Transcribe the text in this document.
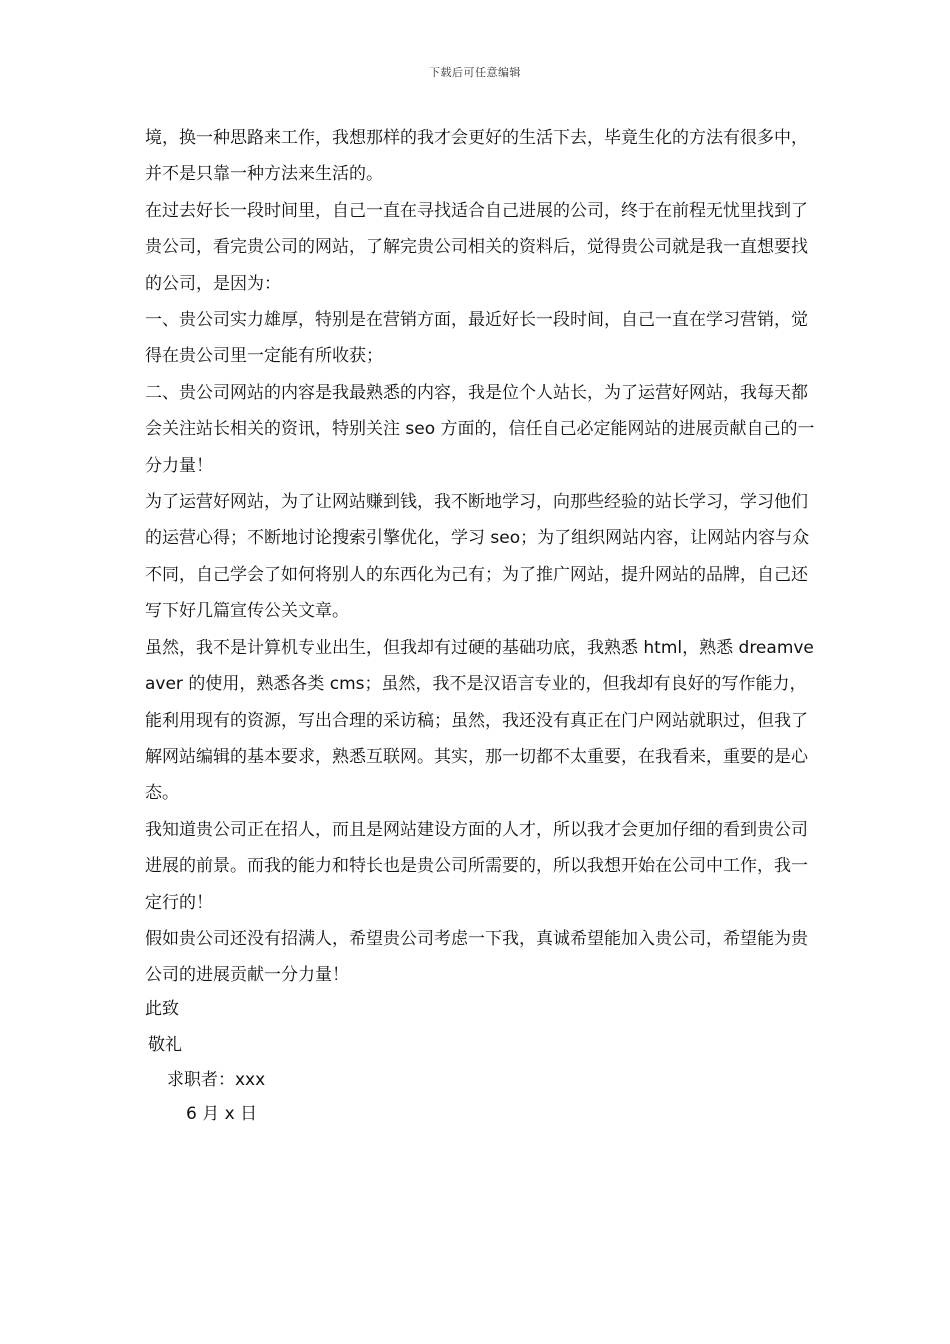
下载后可任意编辑

境，换一种思路来工作，我想那样的我才会更好的生活下去，毕竟生化的方法有很多中，并不是只靠一种方法来生活的。

在过去好长一段时间里，自己一直在寻找适合自己进展的公司，终于在前程无忧里找到了贵公司，看完贵公司的网站，了解完贵公司相关的资料后，觉得贵公司就是我一直想要找的公司，是因为：

一、贵公司实力雄厚，特别是在营销方面，最近好长一段时间，自己一直在学习营销，觉得在贵公司里一定能有所收获；

二、贵公司网站的内容是我最熟悉的内容，我是位个人站长，为了运营好网站，我每天都会关注站长相关的资讯，特别关注 seo 方面的，信任自己必定能网站的进展贡献自己的一分力量！

为了运营好网站，为了让网站赚到钱，我不断地学习，向那些经验的站长学习，学习他们的运营心得；不断地讨论搜索引擎优化，学习 seo；为了组织网站内容，让网站内容与众不同，自己学会了如何将别人的东西化为己有；为了推广网站，提升网站的品牌，自己还写下好几篇宣传公关文章。

虽然，我不是计算机专业出生，但我却有过硬的基础功底，我熟悉 html，熟悉 dreamveaver 的使用，熟悉各类 cms；虽然，我不是汉语言专业的，但我却有良好的写作能力，能利用现有的资源，写出合理的采访稿；虽然，我还没有真正在门户网站就职过，但我了解网站编辑的基本要求，熟悉互联网。其实，那一切都不太重要，在我看来，重要的是心态。

我知道贵公司正在招人，而且是网站建设方面的人才，所以我才会更加仔细的看到贵公司进展的前景。而我的能力和特长也是贵公司所需要的，所以我想开始在公司中工作，我一定行的！

假如贵公司还没有招满人，希望贵公司考虑一下我，真诚希望能加入贵公司，希望能为贵公司的进展贡献一分力量！

此致
敬礼
求职者：xxx
6 月 x 日
